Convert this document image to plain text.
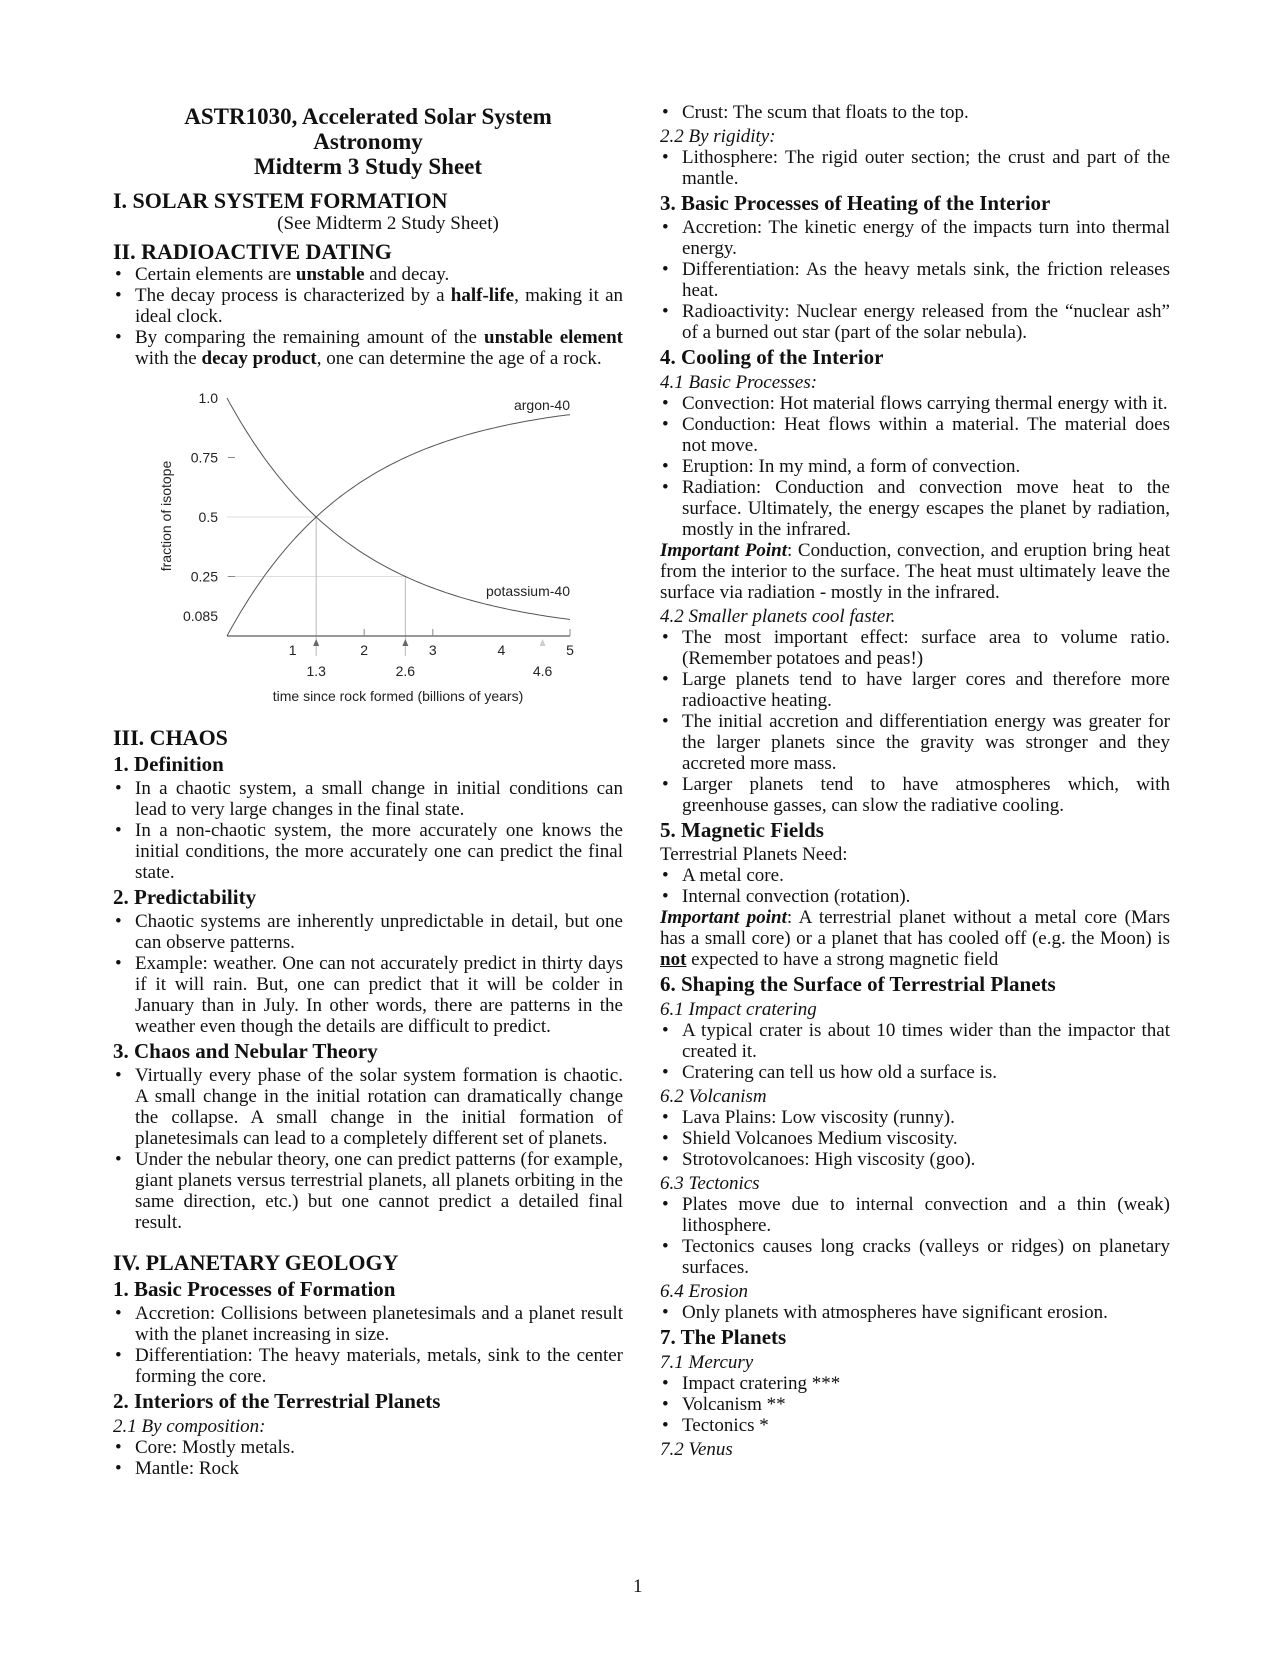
ASTR1030, Accelerated Solar System
Astronomy
Midterm 3 Study Sheet
I. SOLAR SYSTEM FORMATION
(See Midterm 2 Study Sheet)
II. RADIOACTIVE DATING
• Certain elements are unstable and decay.
• The decay process is characterized by a half-life, making it an ideal clock.
• By comparing the remaining amount of the unstable element with the decay product, one can determine the age of a rock.
1.3	2.6	4.6
1	2	3	4	5
1.0
0.75
0.5
0.25
0.085
potassium-40
argon-40
fraction of isotope
time since rock formed (billions of years)
III. CHAOS
1. Definition
• In a chaotic system, a small change in initial conditions can lead to very large changes in the final state.
• In a non-chaotic system, the more accurately one knows the initial conditions, the more accurately one can predict the final state.
2. Predictability
• Chaotic systems are inherently unpredictable in detail, but one can observe patterns.
• Example: weather. One can not accurately predict in thirty days if it will rain. But, one can predict that it will be colder in January than in July. In other words, there are patterns in the weather even though the details are difficult to predict.
3. Chaos and Nebular Theory
• Virtually every phase of the solar system formation is chaotic. A small change in the initial rotation can dramatically change the collapse. A small change in the initial formation of planetesimals can lead to a completely different set of planets.
• Under the nebular theory, one can predict patterns (for example, giant planets versus terrestrial planets, all planets orbiting in the same direction, etc.) but one cannot predict a detailed final result.
IV. PLANETARY GEOLOGY
1. Basic Processes of Formation
• Accretion: Collisions between planetesimals and a planet result with the planet increasing in size.
• Differentiation: The heavy materials, metals, sink to the center forming the core.
2. Interiors of the Terrestrial Planets
2.1 By composition:
• Core: Mostly metals.
• Mantle: Rock
• Crust: The scum that floats to the top.
2.2 By rigidity:
• Lithosphere: The rigid outer section; the crust and part of the mantle.
3. Basic Processes of Heating of the Interior
• Accretion: The kinetic energy of the impacts turn into thermal energy.
• Differentiation: As the heavy metals sink, the friction releases heat.
• Radioactivity: Nuclear energy released from the “nuclear ash” of a burned out star (part of the solar nebula).
4. Cooling of the Interior
4.1 Basic Processes:
• Convection: Hot material flows carrying thermal energy with it.
• Conduction: Heat flows within a material. The material does not move.
• Eruption: In my mind, a form of convection.
• Radiation: Conduction and convection move heat to the surface. Ultimately, the energy escapes the planet by radiation, mostly in the infrared.
Important Point: Conduction, convection, and eruption bring heat from the interior to the surface. The heat must ultimately leave the surface via radiation - mostly in the infrared.
4.2 Smaller planets cool faster.
• The most important effect: surface area to volume ratio. (Remember potatoes and peas!)
• Large planets tend to have larger cores and therefore more radioactive heating.
• The initial accretion and differentiation energy was greater for the larger planets since the gravity was stronger and they accreted more mass.
• Larger planets tend to have atmospheres which, with greenhouse gasses, can slow the radiative cooling.
5. Magnetic Fields
Terrestrial Planets Need:
• A metal core.
• Internal convection (rotation).
Important point: A terrestrial planet without a metal core (Mars has a small core) or a planet that has cooled off (e.g. the Moon) is not expected to have a strong magnetic field
6. Shaping the Surface of Terrestrial Planets
6.1 Impact cratering
• A typical crater is about 10 times wider than the impactor that created it.
• Cratering can tell us how old a surface is.
6.2 Volcanism
• Lava Plains: Low viscosity (runny).
• Shield Volcanoes Medium viscosity.
• Strotovolcanoes: High viscosity (goo).
6.3 Tectonics
• Plates move due to internal convection and a thin (weak) lithosphere.
• Tectonics causes long cracks (valleys or ridges) on planetary surfaces.
6.4 Erosion
• Only planets with atmospheres have significant erosion.
7. The Planets
7.1 Mercury
• Impact cratering ***
• Volcanism **
• Tectonics *
7.2 Venus
1
